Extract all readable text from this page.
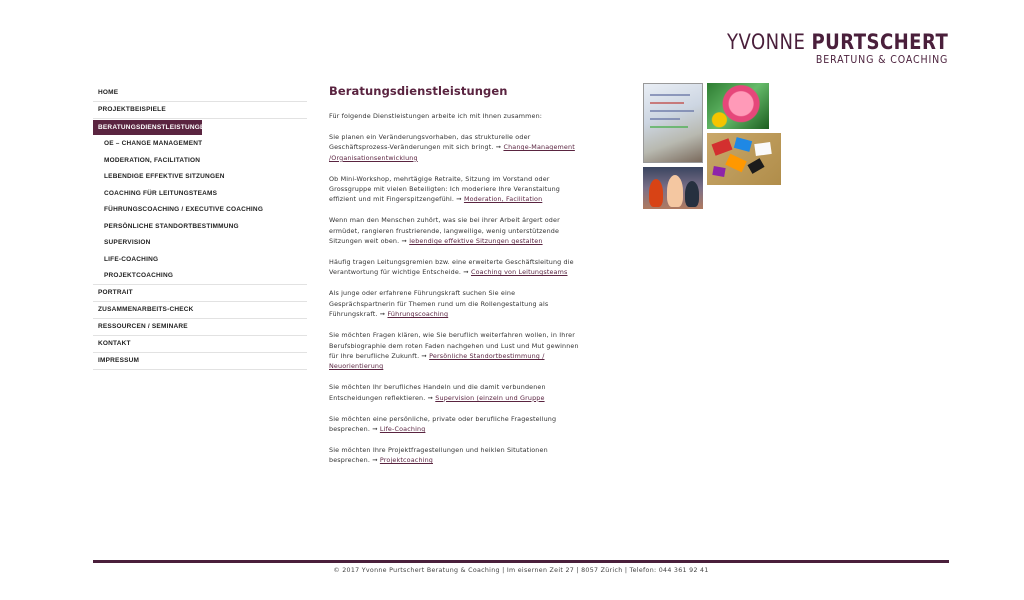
YVONNE PURTSCHERT
BERATUNG & COACHING
HOME
PROJEKTBEISPIELE
BERATUNGSDIENSTLEISTUNGEN
OE – CHANGE MANAGEMENT
MODERATION, FACILITATION
LEBENDIGE EFFEKTIVE SITZUNGEN
COACHING FÜR LEITUNGSTEAMS
FÜHRUNGSCOACHING / EXECUTIVE COACHING
PERSÖNLICHE STANDORTBESTIMMUNG
SUPERVISION
LIFE-COACHING
PROJEKTCOACHING
PORTRAIT
ZUSAMMENARBEITS-CHECK
RESSOURCEN / SEMINARE
KONTAKT
IMPRESSUM
Beratungsdienstleistungen

Für folgende Dienstleistungen arbeite ich mit Ihnen zusammen:

Sie planen ein Veränderungsvorhaben, das strukturelle oder Geschäftsprozess-Veränderungen mit sich bringt. ➞ Change-Management /Organisationsentwicklung

Ob Mini-Workshop, mehrtägige Retraite, Sitzung im Vorstand oder Grossgruppe mit vielen Beteiligten: Ich moderiere Ihre Veranstaltung effizient und mit Fingerspitzengefühl. ➞ Moderation, Facilitation

Wenn man den Menschen zuhört, was sie bei ihrer Arbeit ärgert oder ermüdet, rangieren frustrierende, langweilige, wenig unterstützende Sitzungen weit oben. ➞ lebendige effektive Sitzungen gestalten

Häufig tragen Leitungsgremien bzw. eine erweiterte Geschäftsleitung die Verantwortung für wichtige Entscheide. ➞ Coaching von Leitungsteams

Als junge oder erfahrene Führungskraft suchen Sie eine Gesprächspartnerin für Themen rund um die Rollengestaltung als Führungskraft. ➞ Führungscoaching

Sie möchten Fragen klären, wie Sie beruflich weiterfahren wollen, in Ihrer Berufsbiographie dem roten Faden nachgehen und Lust und Mut gewinnen für Ihre berufliche Zukunft. ➞ Persönliche Standortbestimmung / Neuorientierung

Sie möchten Ihr berufliches Handeln und die damit verbundenen Entscheidungen reflektieren. ➞ Supervision (einzeln und Gruppe

Sie möchten eine persönliche, private oder berufliche Fragestellung besprechen. ➞ Life-Coaching

Sie möchten Ihre Projektfragestellungen und heiklen Situtationen besprechen. ➞ Projektcoaching

© 2017 Yvonne Purtschert Beratung & Coaching | Im eisernen Zeit 27 | 8057 Zürich | Telefon: 044 361 92 41
